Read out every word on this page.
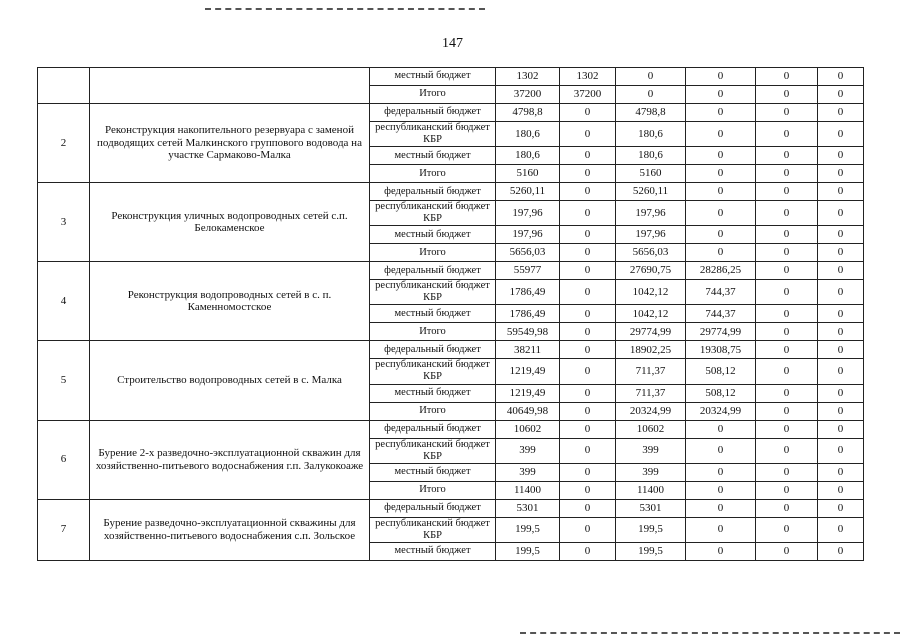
147
		местный бюджет	1302	1302	0	0	0	0
		Итого	37200	37200	0	0	0	0
2	Реконструкция накопительного резервуара с заменой подводящих сетей Малкинского группового водовода на участке Сармаково-Малка	федеральный бюджет	4798,8	0	4798,8	0	0	0
		республиканский бюджет КБР	180,6	0	180,6	0	0	0
		местный бюджет	180,6	0	180,6	0	0	0
		Итого	5160	0	5160	0	0	0
3	Реконструкция уличных водопроводных сетей с.п. Белокаменское	федеральный бюджет	5260,11	0	5260,11	0	0	0
		республиканский бюджет КБР	197,96	0	197,96	0	0	0
		местный бюджет	197,96	0	197,96	0	0	0
		Итого	5656,03	0	5656,03	0	0	0
4	Реконструкция водопроводных сетей в с. п. Каменномостское	федеральный бюджет	55977	0	27690,75	28286,25	0	0
		республиканский бюджет КБР	1786,49	0	1042,12	744,37	0	0
		местный бюджет	1786,49	0	1042,12	744,37	0	0
		Итого	59549,98	0	29774,99	29774,99	0	0
5	Строительство водопроводных сетей в с. Малка	федеральный бюджет	38211	0	18902,25	19308,75	0	0
		республиканский бюджет КБР	1219,49	0	711,37	508,12	0	0
		местный бюджет	1219,49	0	711,37	508,12	0	0
		Итого	40649,98	0	20324,99	20324,99	0	0
6	Бурение 2-х разведочно-эксплуатационной скважин для хозяйственно-питьевого водоснабжения г.п. Залукокоаже	федеральный бюджет	10602	0	10602	0	0	0
		республиканский бюджет КБР	399	0	399	0	0	0
		местный бюджет	399	0	399	0	0	0
		Итого	11400	0	11400	0	0	0
7	Бурение разведочно-эксплуатационной скважины для хозяйственно-питьевого водоснабжения с.п. Зольское	федеральный бюджет	5301	0	5301	0	0	0
		республиканский бюджет КБР	199,5	0	199,5	0	0	0
		местный бюджет	199,5	0	199,5	0	0	0
